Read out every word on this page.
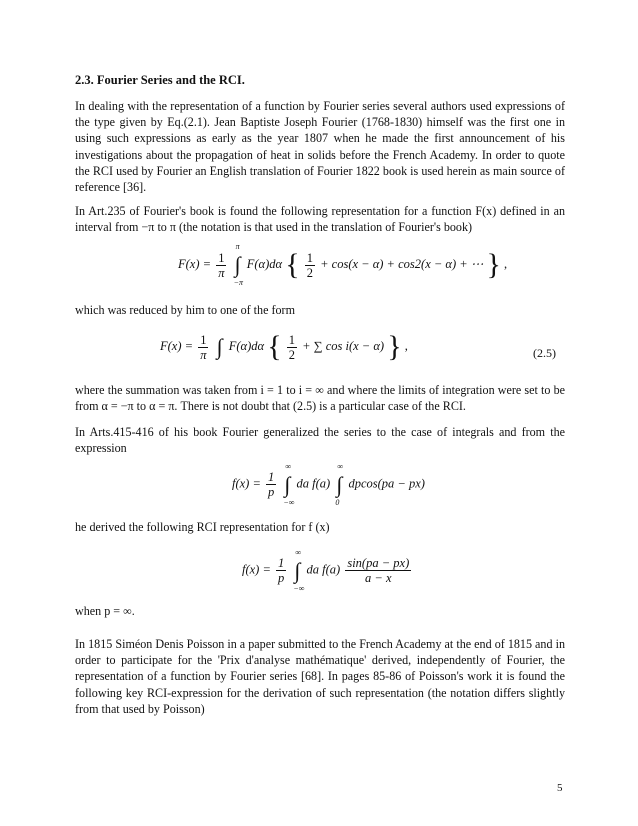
2.3. Fourier Series and the RCI.

In dealing with the representation of a function by Fourier series several authors used expressions of the type given by Eq.(2.1). Jean Baptiste Joseph Fourier (1768-1830) himself was the first one in using such expressions as early as the year 1807 when he made the first announcement of his investigations about the propagation of heat in solids before the French Academy. In order to quote the RCI used by Fourier an English translation of Fourier 1822 book is used herein as main source of reference [36].

In Art.235 of Fourier's book is found the following representation for a function F(x) defined in an interval from −π to π (the notation is that used in the translation of Fourier's book)

$F(x) = \frac{1}{\pi}$ ∫
π
−π
F(α)dα { $\frac{1}{2} + \cos(x - \alpha) + \cos 2(x - \alpha)$ + ⋯ } ,

which was reduced by him to one of the form

$F(x) = \frac{1}{\pi}$ ∫ F(α)dα { $\frac{1}{2}$ + ∑ cos i(x − α) } ,
(2.5)

where the summation was taken from i = 1 to i = ∞ and where the limits of integration were set to be from α = −π to α = π. There is not doubt that (2.5) is a particular case of the RCI.

In Arts.415-416 of his book Fourier generalized the series to the case of integrals and from the expression

$f(x) = \frac{1}{p}$ ∫
∞
−∞
da f(a) ∫
∞
0
dpcos(pa − px)

he derived the following RCI representation for f (x)

$f(x) = \frac{1}{p}$ ∫
∞
−∞
da $f(a) \frac{\sin(pa - px)}{a - x}$

when p = ∞.

In 1815 Siméon Denis Poisson in a paper submitted to the French Academy at the end of 1815 and in order to participate for the 'Prix d'analyse mathématique' derived, independently of Fourier, the representation of a function by Fourier series [68]. In pages 85-86 of Poisson's work it is found the following key RCI-expression for the derivation of such representation (the notation differs slightly from that used by Poisson)

5
